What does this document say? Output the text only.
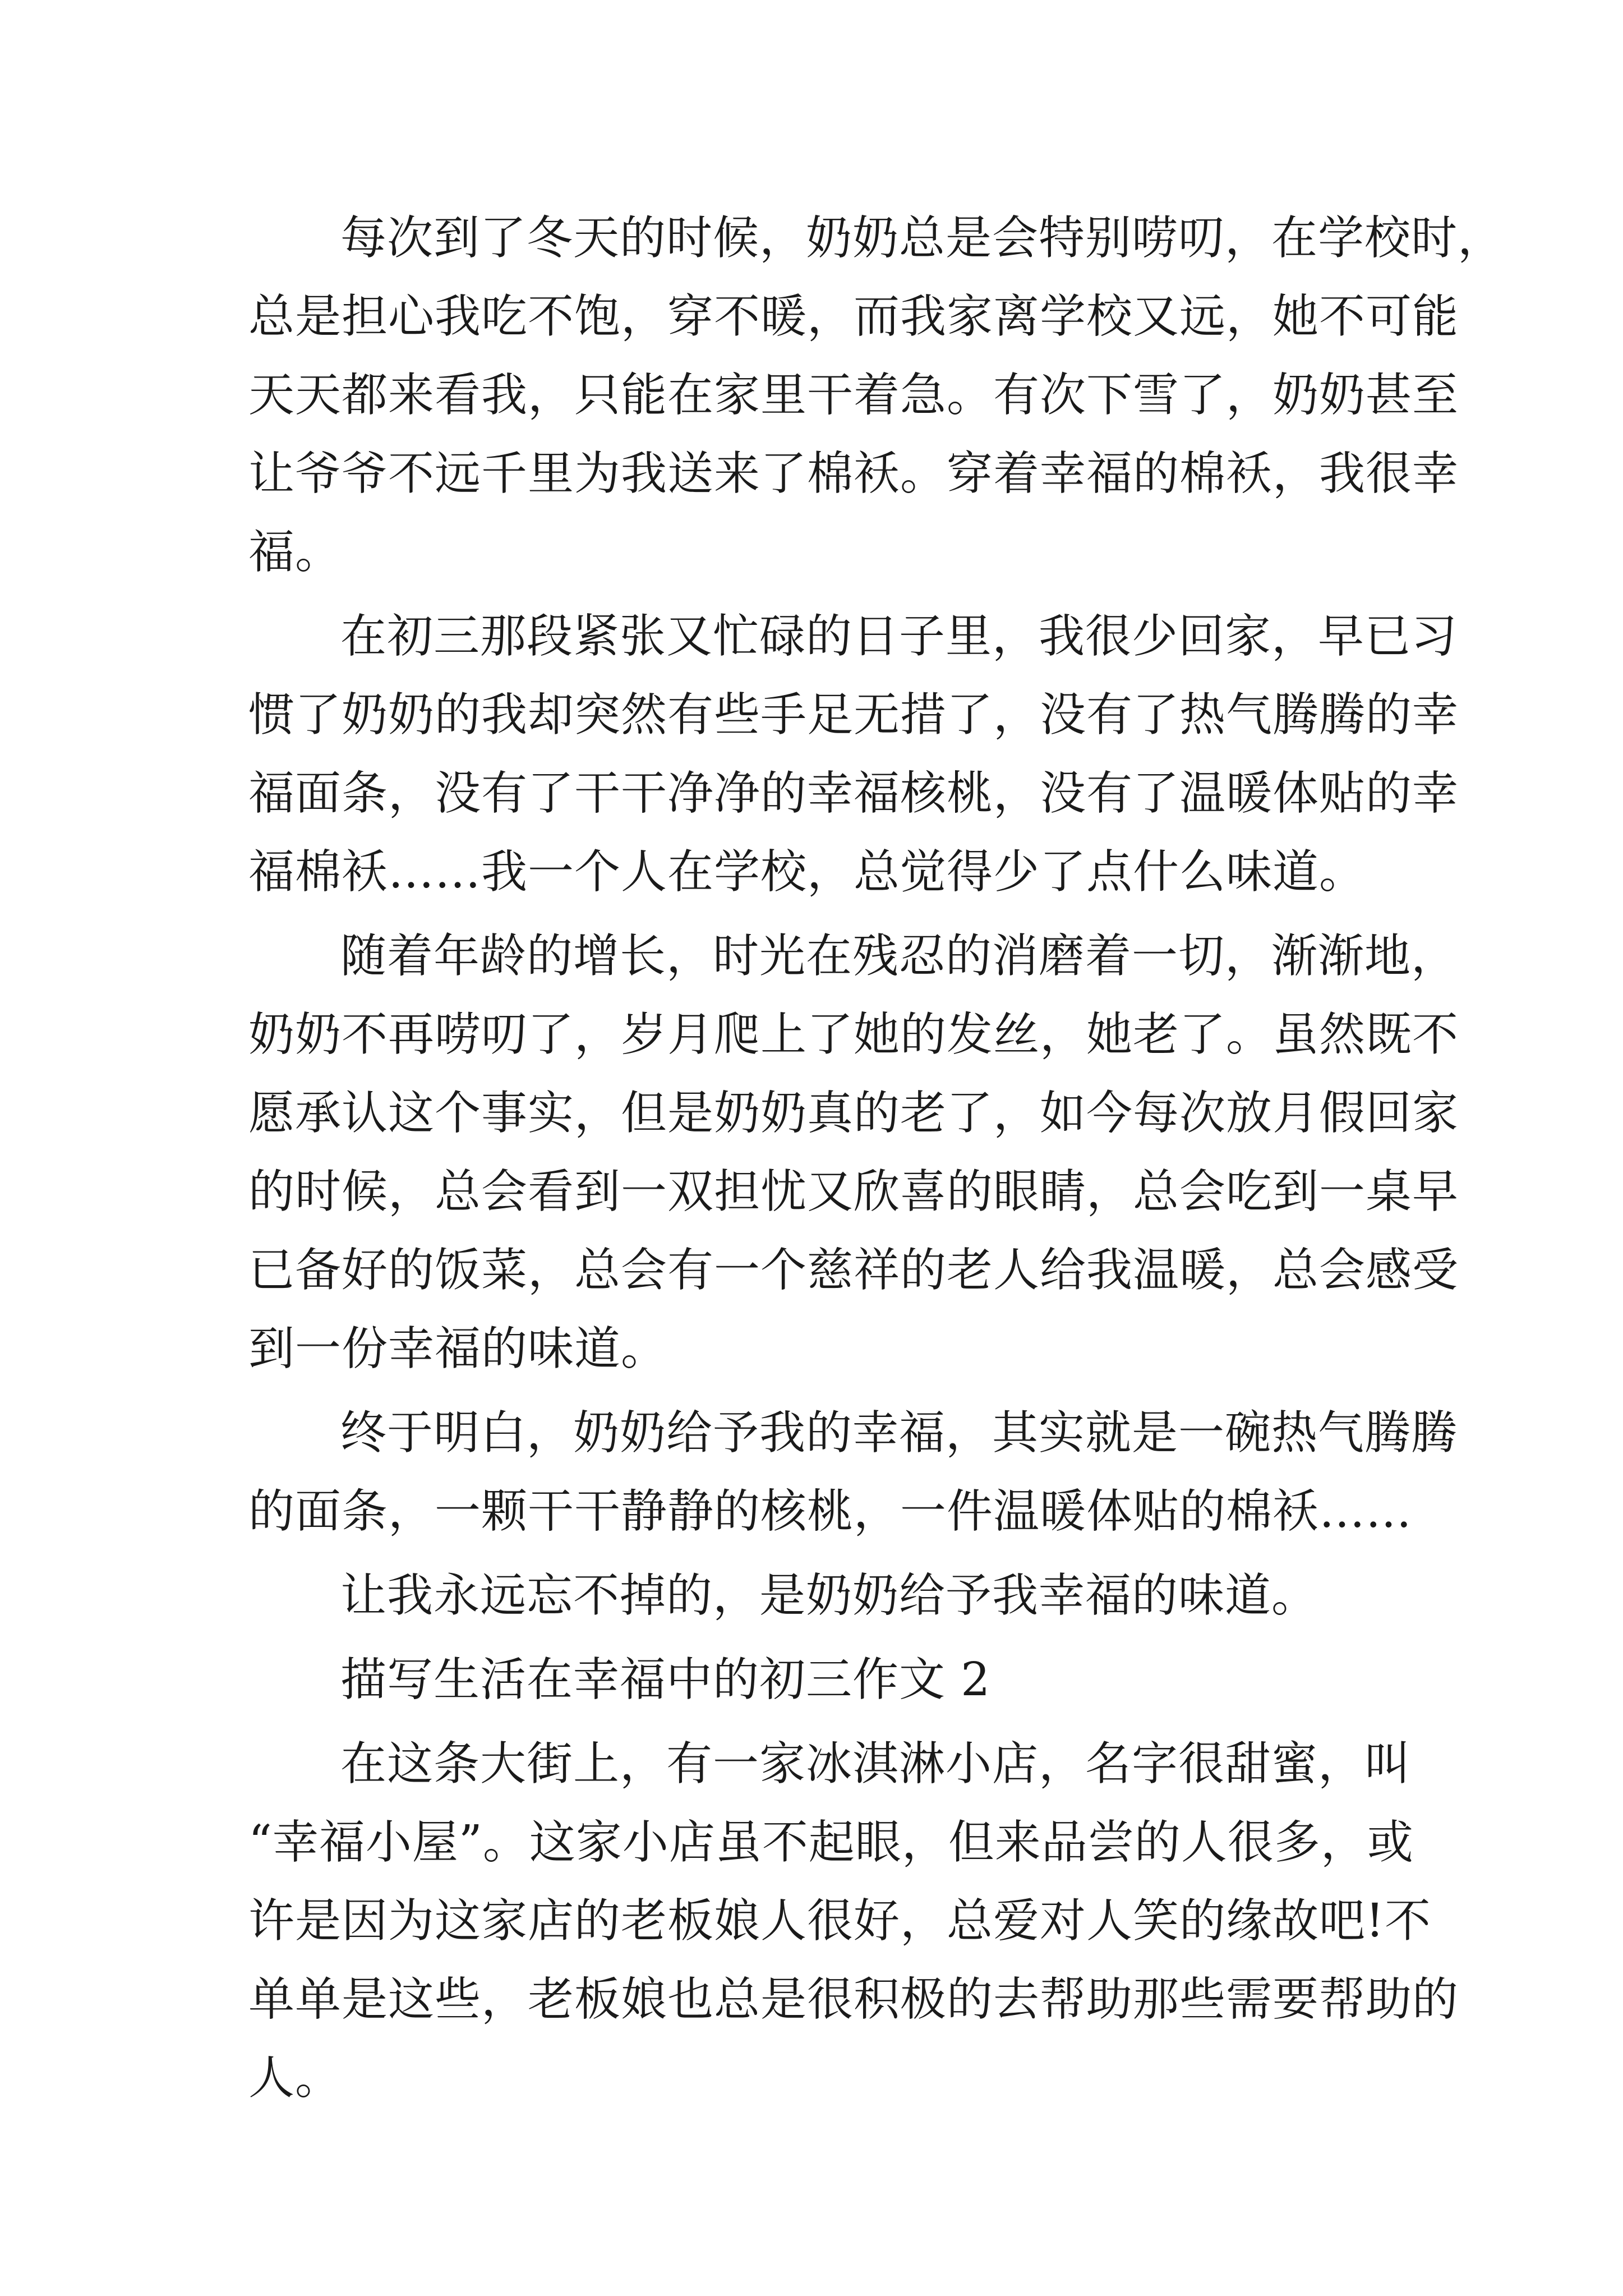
每次到了冬天的时候，奶奶总是会特别唠叨，在学校时，
总是担心我吃不饱，穿不暖，而我家离学校又远，她不可能
天天都来看我，只能在家里干着急。有次下雪了，奶奶甚至
让爷爷不远千里为我送来了棉袄。穿着幸福的棉袄，我很幸
福。
在初三那段紧张又忙碌的日子里，我很少回家，早已习
惯了奶奶的我却突然有些手足无措了，没有了热气腾腾的幸
福面条，没有了干干净净的幸福核桃，没有了温暖体贴的幸
福棉袄……我一个人在学校，总觉得少了点什么味道。
随着年龄的增长，时光在残忍的消磨着一切，渐渐地，
奶奶不再唠叨了，岁月爬上了她的发丝，她老了。虽然既不
愿承认这个事实，但是奶奶真的老了，如今每次放月假回家
的时候，总会看到一双担忧又欣喜的眼睛，总会吃到一桌早
已备好的饭菜，总会有一个慈祥的老人给我温暖，总会感受
到一份幸福的味道。
终于明白，奶奶给予我的幸福，其实就是一碗热气腾腾
的面条，一颗干干静静的核桃，一件温暖体贴的棉袄……
让我永远忘不掉的，是奶奶给予我幸福的味道。
描写生活在幸福中的初三作文 2
在这条大街上，有一家冰淇淋小店，名字很甜蜜，叫
“幸福小屋”。这家小店虽不起眼，但来品尝的人很多，或
许是因为这家店的老板娘人很好，总爱对人笑的缘故吧!不
单单是这些，老板娘也总是很积极的去帮助那些需要帮助的
人。
